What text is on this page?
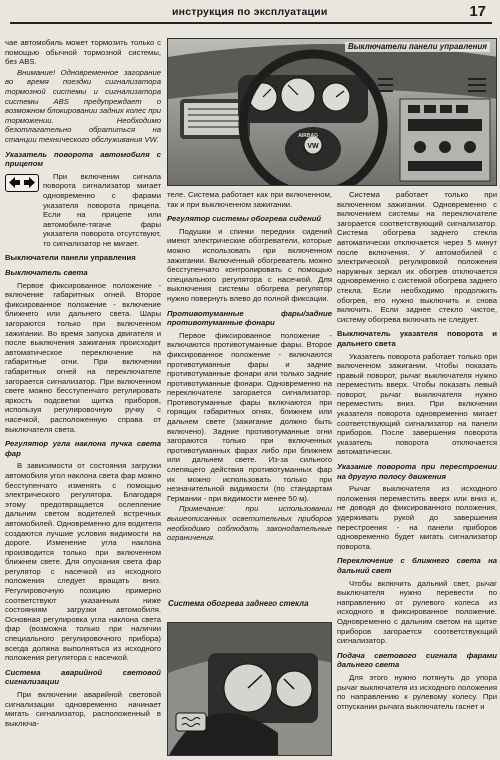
инструкция по эксплуатации	17

чае автомобиль может тормозить только с помощью обычной тормозной системы, без ABS.

Внимание! Одновременное загорание во время поездки сигнализатора тормозной системы и сигнализатора системы ABS предупреждает о возможном блокировании задних колес при торможении. Необходимо безотлагательно обратиться на станции технического обслуживания VW.

Указатель поворота автомобиля с прицепом

При включении сигнала поворота сигнализатор мигает одновременно с фарами указателя поворота прицепа. Если на прицепе или автомобиле-тягаче фары указателя поворота отсутствуют, то сигнализатор не мигает.

Выключатели панели управления

Выключатель света

Первое фиксированное положение - включение габаритных огней. Второе фиксированное положение - включение ближнего или дальнего света. Шары загораются только при включенном зажигании. Во время запуска двигателя и после выключения зажигания происходит автоматическое переключение на габаритные огни. При включении габаритных огней на переключателе загорается сигнализатор. При включенном свете можно бесступенчато регулировать яркость подсветки щитка приборов, используя регулировочную ручку с насечкой, расположенную справа от выключателя света.

Регулятор угла наклона пучка света фар

В зависимости от состояния загрузки автомобиля угол наклона света фар можно бесступенчато изменять с помощью электрического регулятора. Благодаря этому предотвращается ослепление дальним светом водителей встречных автомобилей. Одновременно для водителя создаются лучшие условия видимости на дороге. Изменение угла наклона производится только при включенном ближнем свете. Для опускания света фар регулятор с насечкой из исходного положения следует вращать вниз. Регулировочную позицию примерно соответствуют указанным ниже состояниям загрузки автомобиля. Основная регулировка угла наклона света фар (возможна только при наличии специального регулировочного прибора) всегда должна выполняться из исходного положения регулятора с насечкой.

Система аварийной световой сигнализации

При включении аварийной световой сигнализации одновременно начинает мигать сигнализатор, расположенный в выключа-

VW
AIRBAG
Выключатели панели управления

теле. Система работает как при включенном, так и при выключенном зажигании.

Регулятор системы обогрева сидений

Подушки и спинки передних сидений имеют электрические обогреватели, которые можно использовать при включенном зажигании. Включенный обогреватель можно бесступенчато контролировать с помощью специального регулятора с насечкой. Для выключения системы обогрева регулятор нужно повернуть влево до полной фиксации.

Противотуманные фары/задние противотуманные фонари

Первое фиксированное положение - включаются противотуманные фары. Второе фиксированное положение - включаются противотуманные фары и задние противотуманные фонари или только задние противотуманные фонари. Одновременно на переключателе загорается сигнализатор. Противотуманные фары включаются при горящих габаритных огнях, ближнем или дальнем свете (зажигание должно быть включено). Задние противотуманные огни загораются только при включенных противотуманных фарах либо при ближнем или дальнем свете. Из-за сильного слепящего действия противотуманных фар их можно использовать только при незначительной видимости (по стандартам Германии - при видимости менее 50 м).

Примечание: при использовании вышеописанных осветительных приборов необходимо соблюдать законодательные ограничения.

Система обогрева заднего стекла

Система работает только при включенном зажигании. Одновременно с включением системы на переключателе загорается соответствующий сигнализатор. Система обогрева заднего стекла автоматически отключается через 5 минут после включения. У автомобилей с электрической регулировкой положения наружных зеркал их обогрев отключается одновременно с системой обогрева заднего стекла. Если необходимо продолжить обогрев, его нужно выключить и снова включить. Если заднее стекло чистое, систему обогрева включать не следует.

Выключатель указателя поворота и дальнего света

Указатель поворота работает только при включенном зажигании. Чтобы показать правый поворот, рычаг выключателя нужно переместить вверх. Чтобы показать левый поворот, рычаг выключателя нужно переместить вниз. При включении указателя поворота одновременно мигает соответствующий сигнализатор на панели приборов. После завершения поворота указатель поворота отключается автоматически.

Указание поворота при перестроении на другую полосу движения

Рычаг выключателя из исходного положения переместить вверх или вниз и, не доводя до фиксированного положения, удерживать рукой до завершения перестроения - на панели приборов одновременно будет мигать сигнализатор поворота.

Переключение с ближнего света на дальний свет

Чтобы включить дальний свет, рычаг выключателя нужно перевести по направлению от рулевого колеса из исходного в фиксированное положение. Одновременно с дальним светом на щитке приборов загорается соответствующий сигнализатор.

Подача светового сигнала фарами дальнего света

Для этого нужно потянуть до упора рычаг выключателя из исходного положения по направлению к рулевому колесу. При отпускании рычага выключатель гаснет и
